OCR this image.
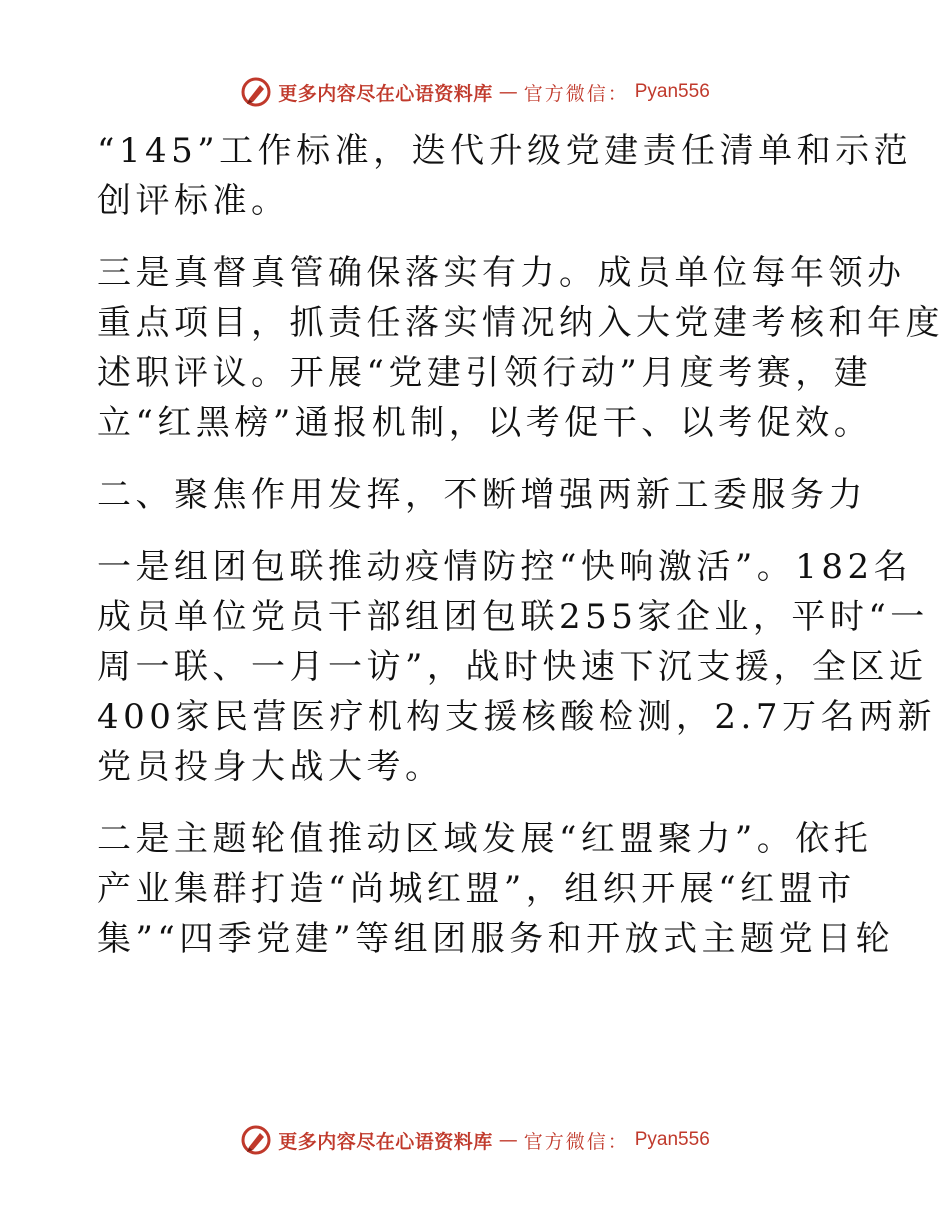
更多内容尽在心语资料库 — 官方微信： Pyan556
“145”工作标准，迭代升级党建责任清单和示范
创评标准。
三是真督真管确保落实有力。成员单位每年领办
重点项目，抓责任落实情况纳入大党建考核和年度
述职评议。开展“党建引领行动”月度考赛，建
立“红黑榜”通报机制，以考促干、以考促效。
二、聚焦作用发挥，不断增强两新工委服务力
一是组团包联推动疫情防控“快响激活”。182名
成员单位党员干部组团包联255家企业，平时“一
周一联、一月一访”，战时快速下沉支援，全区近
400家民营医疗机构支援核酸检测，2.7万名两新
党员投身大战大考。
二是主题轮值推动区域发展“红盟聚力”。依托
产业集群打造“尚城红盟”，组织开展“红盟市
集”“四季党建”等组团服务和开放式主题党日轮
更多内容尽在心语资料库 — 官方微信： Pyan556
